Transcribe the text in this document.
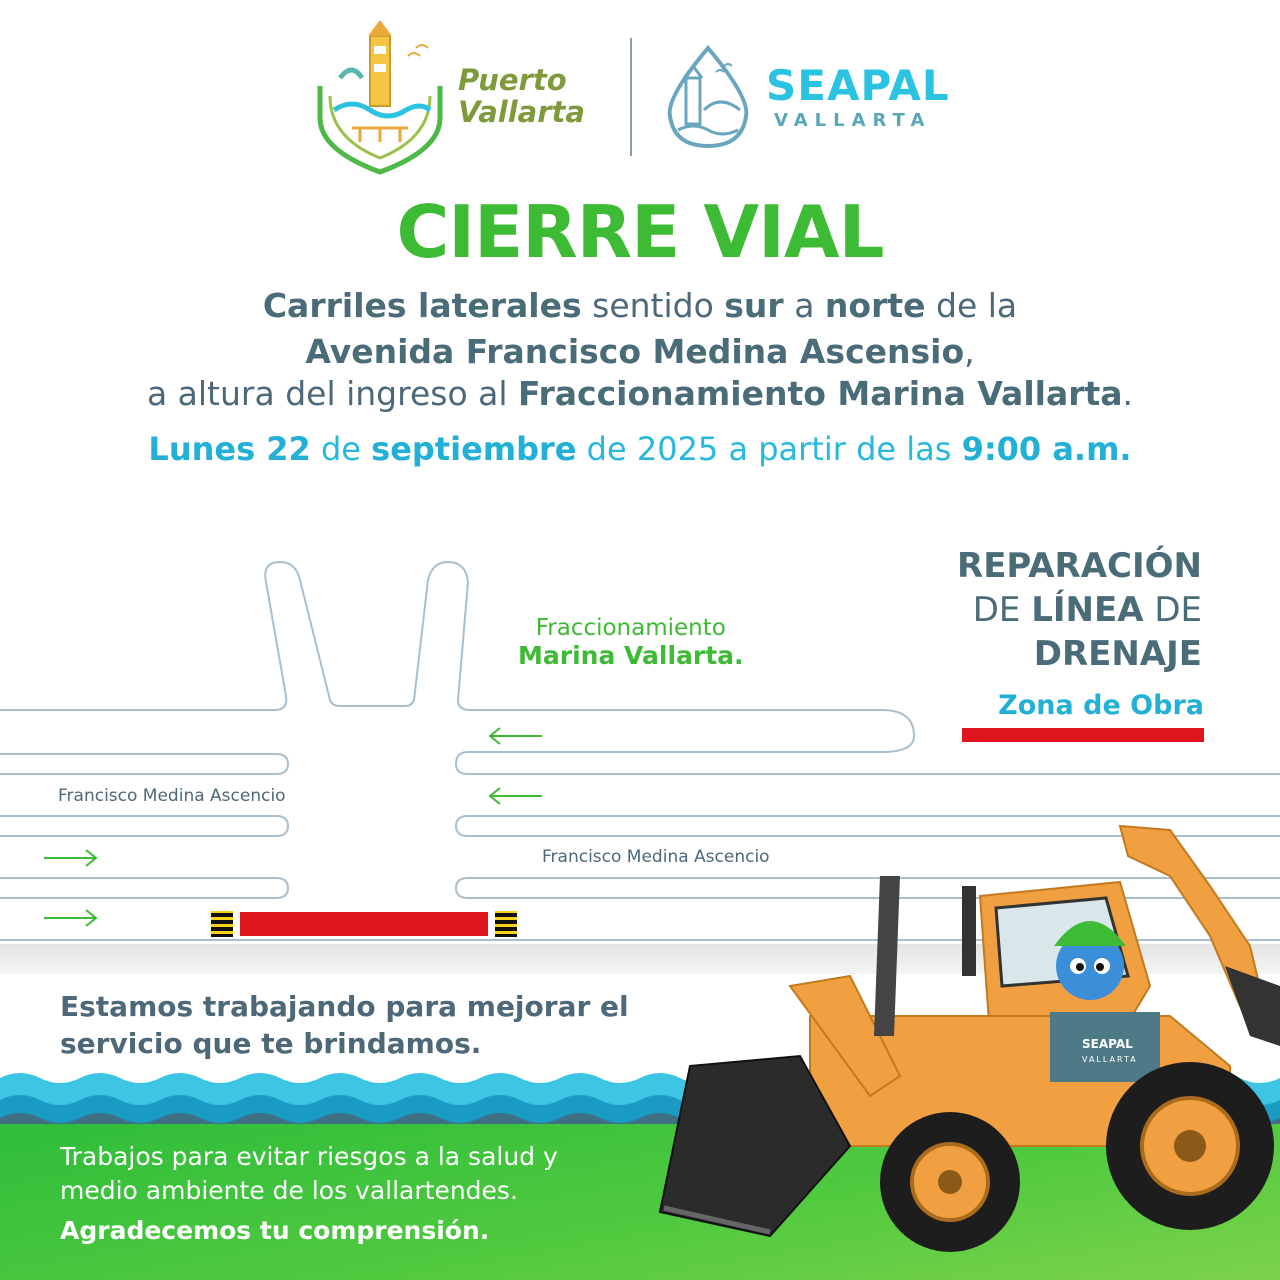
Puerto
Vallarta
SEAPAL
VALLARTA
CIERRE VIAL
Carriles laterales sentido sur a norte de la
Avenida Francisco Medina Ascensio,
a altura del ingreso al Fraccionamiento Marina Vallarta.
Lunes 22 de septiembre de 2025 a partir de las 9:00 a.m.
Fraccionamiento
Marina Vallarta.
Francisco Medina Ascencio
Francisco Medina Ascencio
REPARACIÓN
DE LÍNEA DE
DRENAJE
Zona de Obra
Estamos trabajando para mejorar el
servicio que te brindamos.
Trabajos para evitar riesgos a la salud y
medio ambiente de los vallartendes.
Agradecemos tu comprensión.
SEAPAL
VALLARTA
